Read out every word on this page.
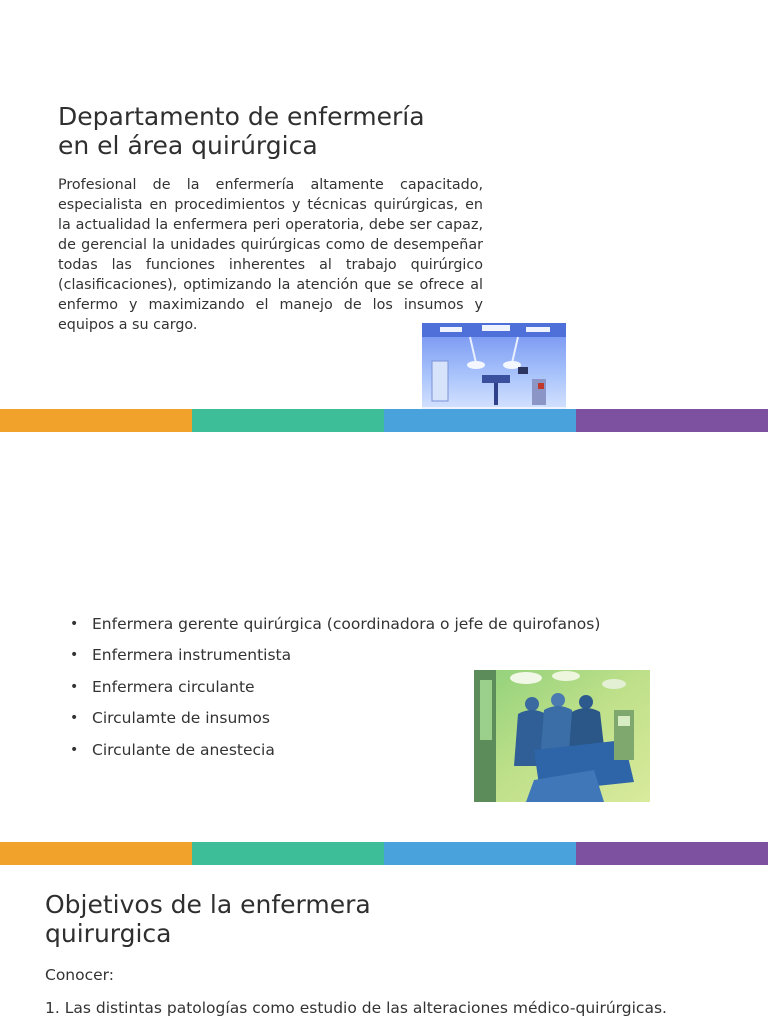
Departamento de enfermería
en el área quirúrgica

Profesional de la enfermería altamente capacitado, especialista en procedimientos y técnicas quirúrgicas, en la actualidad la enfermera peri operatoria, debe ser capaz, de gerencial la unidades quirúrgicas como de desempeñar todas las funciones inherentes al trabajo quirúrgico (clasificaciones), optimizando la atención que se ofrece al enfermo y maximizando el manejo de los insumos y equipos a su cargo.

• Enfermera gerente quirúrgica (coordinadora o jefe de quirofanos)
• Enfermera instrumentista
• Enfermera circulante
• Circulamte de insumos
• Circulante de anestecia
Objetivos de la enfermera
quirurgica

Conocer:

1. Las distintas patologías como estudio de las alteraciones médico-quirúrgicas.
